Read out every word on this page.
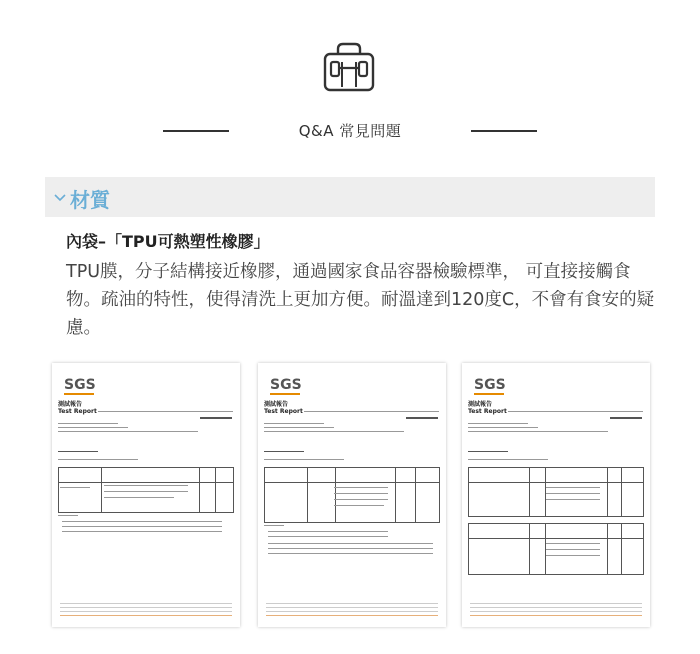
Q&A 常見問題
材質

內袋–「TPU可熱塑性橡膠」

TPU膜，分子結構接近橡膠，通過國家食品容器檢驗標準， 可直接接觸食物。疏油的特性，使得清洗上更加方便。耐溫達到120度C，不會有食安的疑慮。

SGS
測試報告
Test Report
SGS
測試報告
Test Report
SGS
測試報告
Test Report
